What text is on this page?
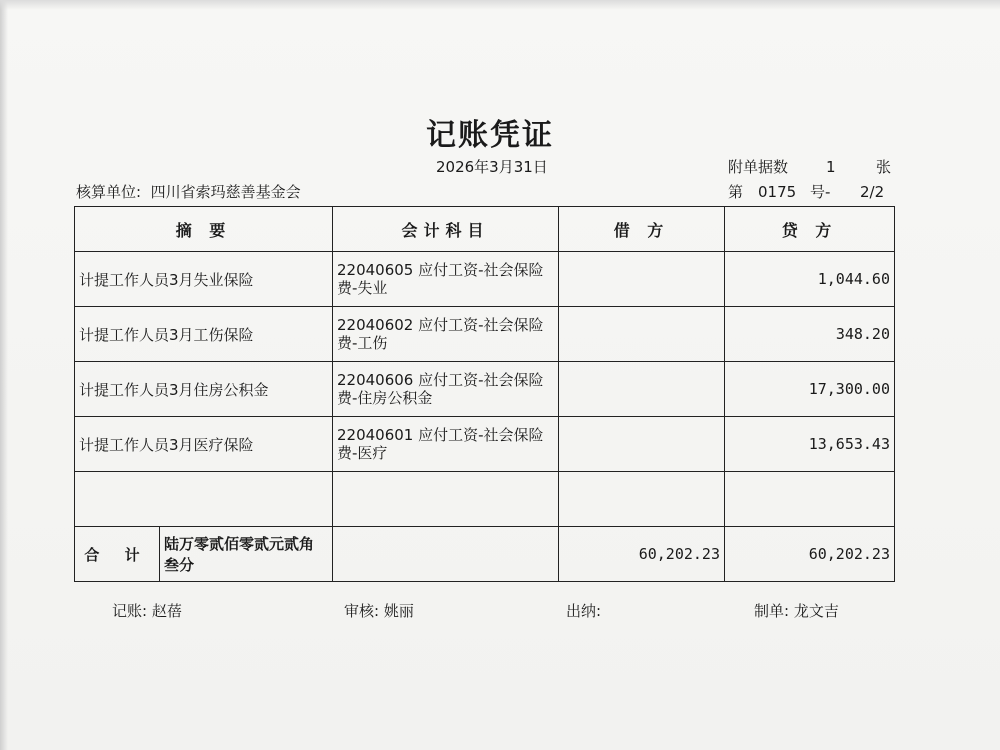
记账凭证
2026年3月31日	附单据数	1	张
核算单位: 四川省索玛慈善基金会	第 0175 号- 2/2
摘 要	会计科目	借 方	贷 方
计提工作人员3月失业保险	22040605 应付工资-社会保险
费-失业		1,044.60
计提工作人员3月工伤保险	22040602 应付工资-社会保险
费-工伤		348.20
计提工作人员3月住房公积金	22040606 应付工资-社会保险
费-住房公积金		17,300.00
计提工作人员3月医疗保险	22040601 应付工资-社会保险
费-医疗		13,653.43

合 计	陆万零贰佰零贰元贰角叁分
		60,202.23	60,202.23
记账: 赵蓓	审核: 姚丽	出纳:	制单: 龙文吉
